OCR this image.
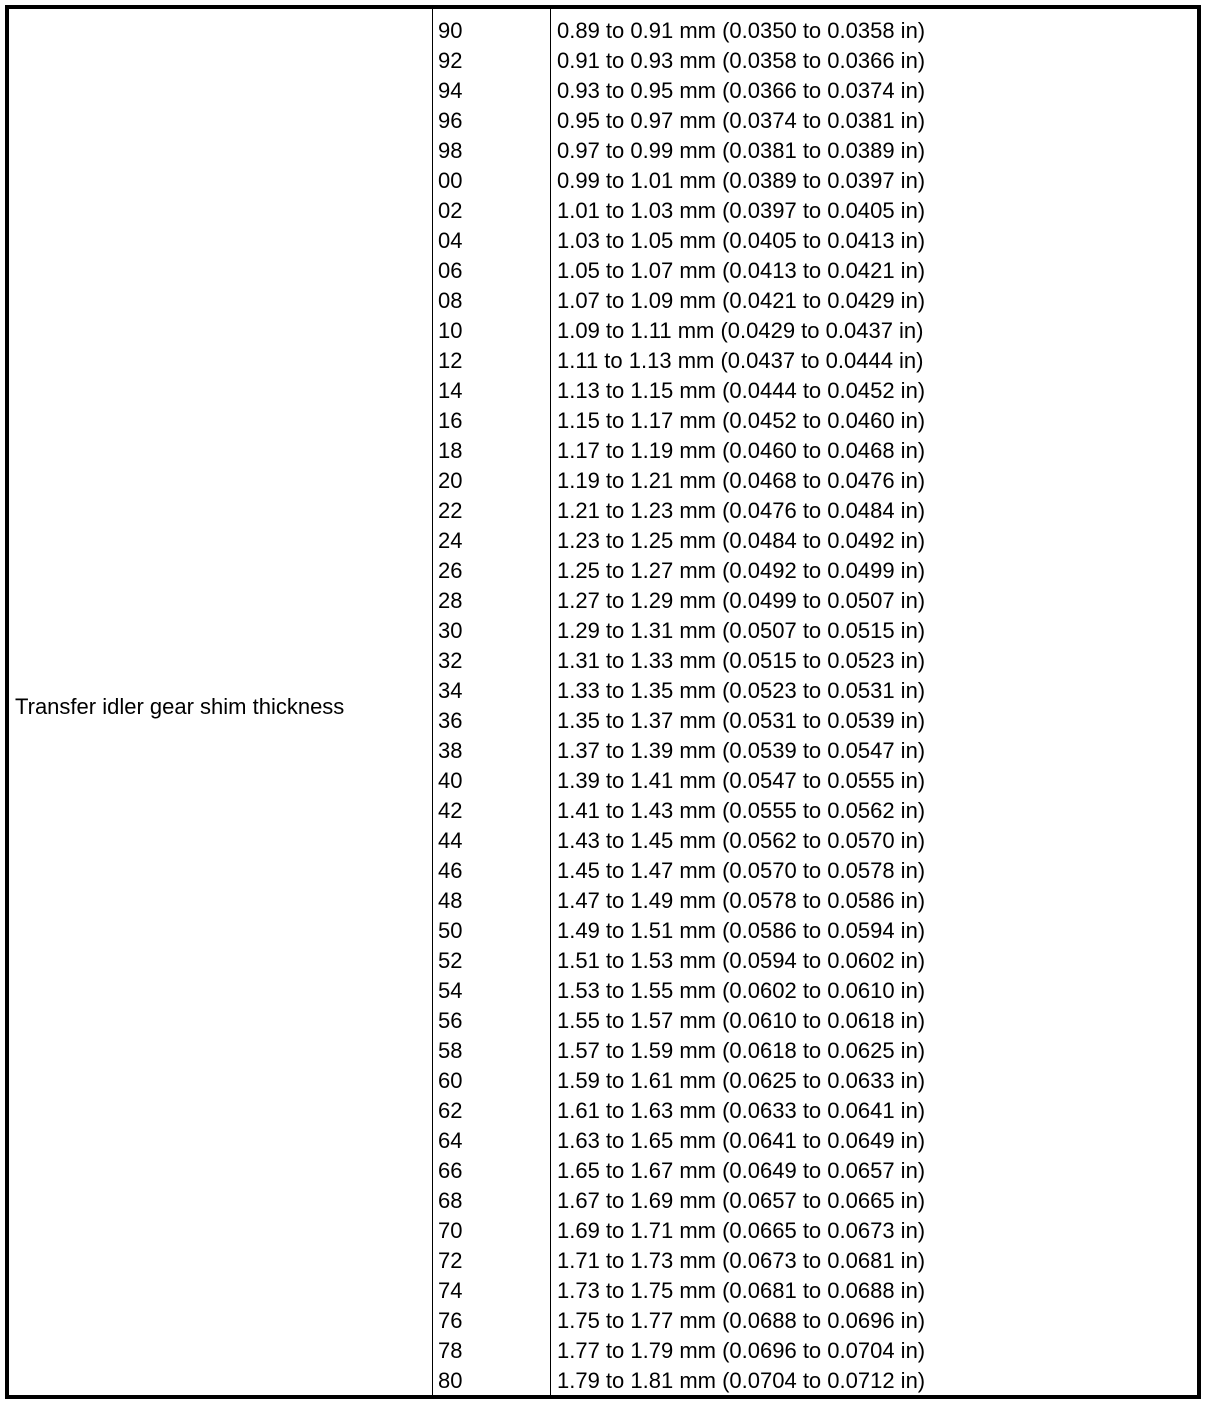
Transfer idler gear shim thickness
90
92
94
96
98
00
02
04
06
08
10
12
14
16
18
20
22
24
26
28
30
32
34
36
38
40
42
44
46
48
50
52
54
56
58
60
62
64
66
68
70
72
74
76
78
80
0.89 to 0.91 mm (0.0350 to 0.0358 in)
0.91 to 0.93 mm (0.0358 to 0.0366 in)
0.93 to 0.95 mm (0.0366 to 0.0374 in)
0.95 to 0.97 mm (0.0374 to 0.0381 in)
0.97 to 0.99 mm (0.0381 to 0.0389 in)
0.99 to 1.01 mm (0.0389 to 0.0397 in)
1.01 to 1.03 mm (0.0397 to 0.0405 in)
1.03 to 1.05 mm (0.0405 to 0.0413 in)
1.05 to 1.07 mm (0.0413 to 0.0421 in)
1.07 to 1.09 mm (0.0421 to 0.0429 in)
1.09 to 1.11 mm (0.0429 to 0.0437 in)
1.11 to 1.13 mm (0.0437 to 0.0444 in)
1.13 to 1.15 mm (0.0444 to 0.0452 in)
1.15 to 1.17 mm (0.0452 to 0.0460 in)
1.17 to 1.19 mm (0.0460 to 0.0468 in)
1.19 to 1.21 mm (0.0468 to 0.0476 in)
1.21 to 1.23 mm (0.0476 to 0.0484 in)
1.23 to 1.25 mm (0.0484 to 0.0492 in)
1.25 to 1.27 mm (0.0492 to 0.0499 in)
1.27 to 1.29 mm (0.0499 to 0.0507 in)
1.29 to 1.31 mm (0.0507 to 0.0515 in)
1.31 to 1.33 mm (0.0515 to 0.0523 in)
1.33 to 1.35 mm (0.0523 to 0.0531 in)
1.35 to 1.37 mm (0.0531 to 0.0539 in)
1.37 to 1.39 mm (0.0539 to 0.0547 in)
1.39 to 1.41 mm (0.0547 to 0.0555 in)
1.41 to 1.43 mm (0.0555 to 0.0562 in)
1.43 to 1.45 mm (0.0562 to 0.0570 in)
1.45 to 1.47 mm (0.0570 to 0.0578 in)
1.47 to 1.49 mm (0.0578 to 0.0586 in)
1.49 to 1.51 mm (0.0586 to 0.0594 in)
1.51 to 1.53 mm (0.0594 to 0.0602 in)
1.53 to 1.55 mm (0.0602 to 0.0610 in)
1.55 to 1.57 mm (0.0610 to 0.0618 in)
1.57 to 1.59 mm (0.0618 to 0.0625 in)
1.59 to 1.61 mm (0.0625 to 0.0633 in)
1.61 to 1.63 mm (0.0633 to 0.0641 in)
1.63 to 1.65 mm (0.0641 to 0.0649 in)
1.65 to 1.67 mm (0.0649 to 0.0657 in)
1.67 to 1.69 mm (0.0657 to 0.0665 in)
1.69 to 1.71 mm (0.0665 to 0.0673 in)
1.71 to 1.73 mm (0.0673 to 0.0681 in)
1.73 to 1.75 mm (0.0681 to 0.0688 in)
1.75 to 1.77 mm (0.0688 to 0.0696 in)
1.77 to 1.79 mm (0.0696 to 0.0704 in)
1.79 to 1.81 mm (0.0704 to 0.0712 in)
